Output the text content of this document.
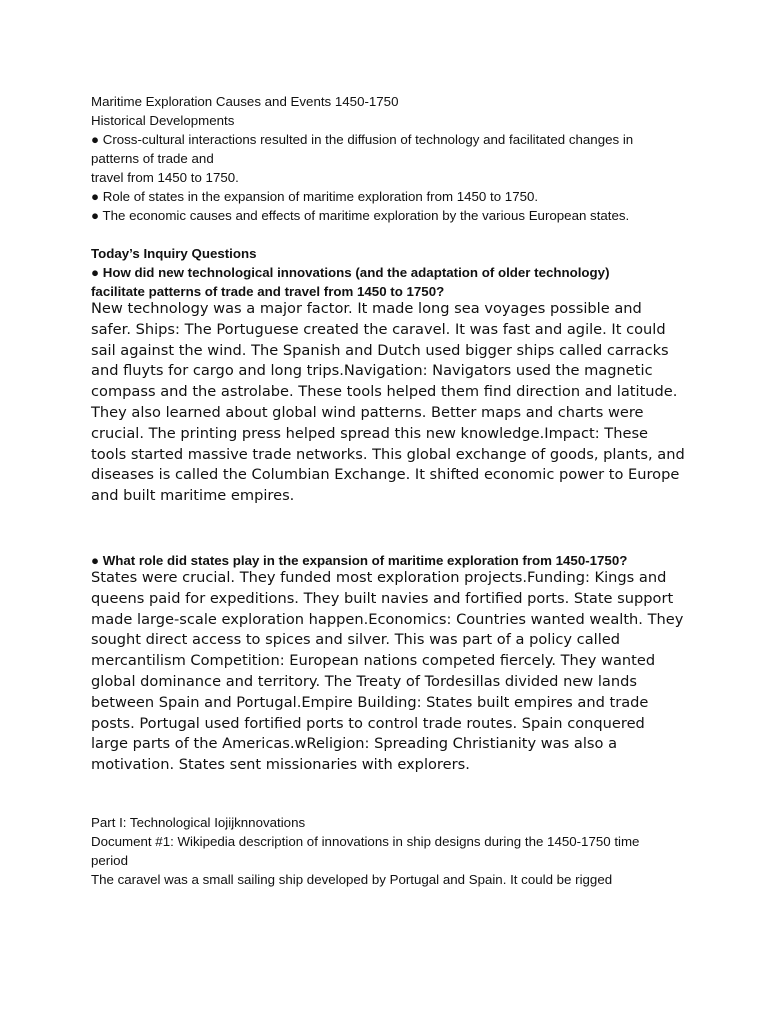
Maritime Exploration Causes and Events 1450-1750
Historical Developments
● Cross-cultural interactions resulted in the diffusion of technology and facilitated changes in
patterns of trade and
travel from 1450 to 1750.
● Role of states in the expansion of maritime exploration from 1450 to 1750.
● The economic causes and effects of maritime exploration by the various European states.
Today’s Inquiry Questions
● How did new technological innovations (and the adaptation of older technology)
facilitate patterns of trade and travel from 1450 to 1750?
New technology was a major factor. It made long sea voyages possible and safer. Ships: The Portuguese created the caravel. It was fast and agile. It could sail against the wind. The Spanish and Dutch used bigger ships called carracks and fluyts for cargo and long trips.Navigation: Navigators used the magnetic compass and the astrolabe. These tools helped them find direction and latitude. They also learned about global wind patterns. Better maps and charts were crucial. The printing press helped spread this new knowledge.Impact: These tools started massive trade networks. This global exchange of goods, plants, and diseases is called the Columbian Exchange. It shifted economic power to Europe and built maritime empires.
● What role did states play in the expansion of maritime exploration from 1450-1750?
States were crucial. They funded most exploration projects.Funding: Kings and queens paid for expeditions. They built navies and fortified ports. State support made large-scale exploration happen.Economics: Countries wanted wealth. They sought direct access to spices and silver. This was part of a policy called mercantilism Competition: European nations competed fiercely. They wanted global dominance and territory. The Treaty of Tordesillas divided new lands between Spain and Portugal.Empire Building: States built empires and trade posts. Portugal used fortified ports to control trade routes. Spain conquered large parts of the Americas.wReligion: Spreading Christianity was also a motivation. States sent missionaries with explorers.
Part I: Technological Iojijknnovations
Document #1: Wikipedia description of innovations in ship designs during the 1450-1750 time
period
The caravel was a small sailing ship developed by Portugal and Spain. It could be rigged
